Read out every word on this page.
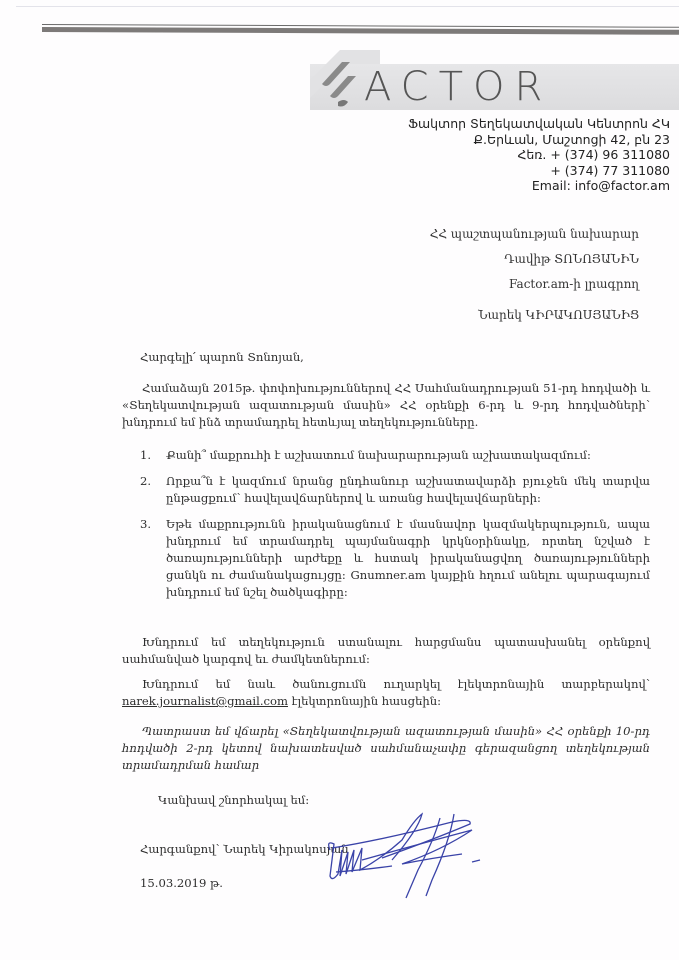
ACTOR
Ֆակտոր Տեղեկատվական Կենտրոն ՀԿ
Ք.Երևան, Մաշտոցի 42, բն 23
Հեռ. + (374) 96 311080
+ (374) 77 311080
Email: info@factor.am
ՀՀ պաշտպանության նախարար
Դավիթ ՏՈՆՈՅԱՆԻՆ
Factor.am-ի լրագրող
Նարեկ ԿԻՐԱԿՈՍՅԱՆԻՑ
Հարգելի՛ պարոն Տոնոյան,
Համաձայն 2015թ. փոփոխություններով ՀՀ Սահմանադրության 51-րդ հոդվածի և «Տեղեկատվության ազատության մասին» ՀՀ օրենքի 6-րդ և 9-րդ հոդվածների՝ խնդրում եմ ինձ տրամադրել հետևյալ տեղեկությունները.
1.	Քանի՞ մաքրուհի է աշխատում նախարարության աշխատակազմում:
2.	Որքա՞ն է կազմում նրանց ընդհանուր աշխատավարձի բյուջեն մեկ տարվա ընթացքում՝ հավելավճարներով և առանց հավելավճարների:
3.	Եթե մաքրությունն իրականացնում է մասնավոր կազմակերպություն, ապա խնդրում եմ տրամադրել պայմանագրի կրկնօրինակը, որտեղ նշված է ծառայությունների արժեքը և հստակ իրականացվող ծառայությունների ցանկն ու ժամանակացույցը: Gnumner.am կայքին հղում անելու պարագայում խնդրում եմ նշել ծածկագիրը:
Խնդրում եմ տեղեկություն ստանալու հարցմանս պատասխանել օրենքով սահմանված կարգով եւ ժամկետներում:
Խնդրում եմ նաև ծանուցումն ուղարկել էլեկտրոնային տարբերակով՝ narek.journalist@gmail.com էլեկտրոնային հասցեին:
Պատրաստ եմ վճարել «Տեղեկատվության ազատության մասին» ՀՀ օրենքի 10-րդ հոդվածի 2-րդ կետով նախատեսված սահմանաչափը գերազանցող տեղեկության տրամադրման համար
Կանխավ շնորհակալ եմ:
Հարգանքով՝ Նարեկ Կիրակոսյան
15.03.2019 թ.
